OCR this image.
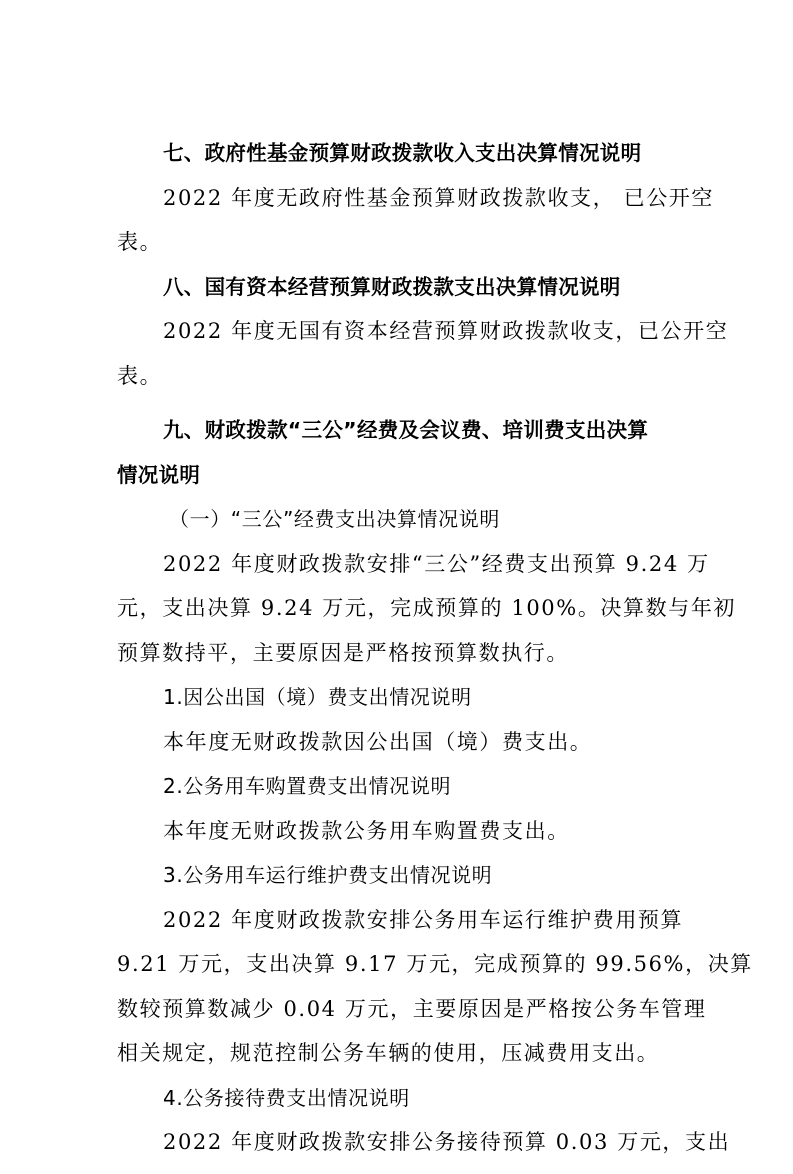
七、政府性基金预算财政拨款收入支出决算情况说明
2022 年度无政府性基金预算财政拨款收支， 已公开空
表。
八、国有资本经营预算财政拨款支出决算情况说明
2022 年度无国有资本经营预算财政拨款收支，已公开空
表。
九、财政拨款“三公”经费及会议费、培训费支出决算
情况说明
（一）“三公”经费支出决算情况说明
2022 年度财政拨款安排“三公”经费支出预算 9.24 万
元，支出决算 9.24 万元，完成预算的 100%。决算数与年初
预算数持平，主要原因是严格按预算数执行。
1.因公出国（境）费支出情况说明
本年度无财政拨款因公出国（境）费支出。
2.公务用车购置费支出情况说明
本年度无财政拨款公务用车购置费支出。
3.公务用车运行维护费支出情况说明
2022 年度财政拨款安排公务用车运行维护费用预算
9.21 万元，支出决算 9.17 万元，完成预算的 99.56%，决算
数较预算数减少 0.04 万元，主要原因是严格按公务车管理
相关规定，规范控制公务车辆的使用，压减费用支出。
4.公务接待费支出情况说明
2022 年度财政拨款安排公务接待预算 0.03 万元，支出
